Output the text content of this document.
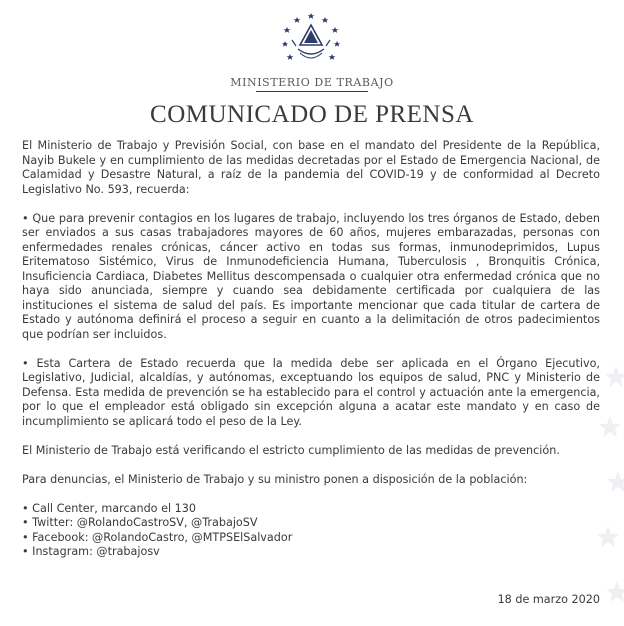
MINISTERIO DE TRABAJO
COMUNICADO DE PRENSA

El Ministerio de Trabajo y Previsión Social, con base en el mandato del Presidente de la República, Nayib Bukele y en cumplimiento de las medidas decretadas por el Estado de Emergencia Nacional, de Calamidad y Desastre Natural, a raíz de la pandemia del COVID-19 y de conformidad al Decreto Legislativo No. 593, recuerda:

• Que para prevenir contagios en los lugares de trabajo, incluyendo los tres órganos de Estado, deben ser enviados a sus casas trabajadores mayores de 60 años, mujeres embarazadas, personas con enfermedades renales crónicas, cáncer activo en todas sus formas, inmunodeprimidos, Lupus Eritematoso Sistémico, Virus de Inmunodeficiencia Humana, Tuberculosis , Bronquitis Crónica, Insuficiencia Cardiaca, Diabetes Mellitus descompensada o cualquier otra enfermedad crónica que no haya sido anunciada, siempre y cuando sea debidamente certificada por cualquiera de las instituciones el sistema de salud del país. Es importante mencionar que cada titular de cartera de Estado y autónoma definirá el proceso a seguir en cuanto a la delimitación de otros padecimientos que podrían ser incluidos.

• Esta Cartera de Estado recuerda que la medida debe ser aplicada en el Órgano Ejecutivo, Legislativo, Judicial, alcaldías, y autónomas, exceptuando los equipos de salud, PNC y Ministerio de Defensa. Esta medida de prevención se ha establecido para el control y actuación ante la emergencia, por lo que el empleador está obligado sin excepción alguna a acatar este mandato y en caso de incumplimiento se aplicará todo el peso de la Ley.

El Ministerio de Trabajo está verificando el estricto cumplimiento de las medidas de prevención.

Para denuncias, el Ministerio de Trabajo y su ministro ponen a disposición de la población:

• Call Center, marcando el 130
• Twitter: @RolandoCastroSV, @TrabajoSV
• Facebook: @RolandoCastro, @MTPSElSalvador
• Instagram: @trabajosv
18 de marzo 2020
